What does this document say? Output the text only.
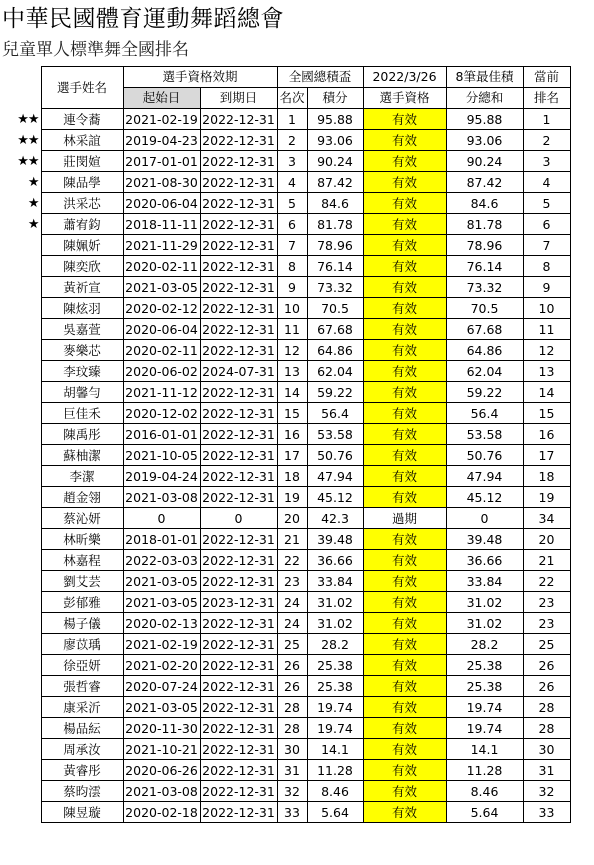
中華民國體育運動舞蹈總會
兒童單人標準舞全國排名
	選手姓名	選手資格效期		全國總積盃		2022/3/26	8筆最佳積	當前
		起始日	到期日	名次	積分	選手資格	分總和	排名
★★	連令蕎	2021-02-19	2022-12-31	1	95.88	有效	95.88	1
★★	林采誼	2019-04-23	2022-12-31	2	93.06	有效	93.06	2
★★	莊閔媗	2017-01-01	2022-12-31	3	90.24	有效	90.24	3
★	陳品學	2021-08-30	2022-12-31	4	87.42	有效	87.42	4
★	洪采芯	2020-06-04	2022-12-31	5	84.6	有效	84.6	5
★	蕭宥鈞	2018-11-11	2022-12-31	6	81.78	有效	81.78	6
	陳姵妡	2021-11-29	2022-12-31	7	78.96	有效	78.96	7
	陳奕欣	2020-02-11	2022-12-31	8	76.14	有效	76.14	8
	黃祈宣	2021-03-05	2022-12-31	9	73.32	有效	73.32	9
	陳炫羽	2020-02-12	2022-12-31	10	70.5	有效	70.5	10
	吳嘉萱	2020-06-04	2022-12-31	11	67.68	有效	67.68	11
	麥樂芯	2020-02-11	2022-12-31	12	64.86	有效	64.86	12
	李玟臻	2020-06-02	2024-07-31	13	62.04	有效	62.04	13
	胡馨勻	2021-11-12	2022-12-31	14	59.22	有效	59.22	14
	巨佳禾	2020-12-02	2022-12-31	15	56.4	有效	56.4	15
	陳禹彤	2016-01-01	2022-12-31	16	53.58	有效	53.58	16
	蘇柚潔	2021-10-05	2022-12-31	17	50.76	有效	50.76	17
	李潔	2019-04-24	2022-12-31	18	47.94	有效	47.94	18
	趙金翎	2021-03-08	2022-12-31	19	45.12	有效	45.12	19
	蔡沁妍	0	0	20	42.3	過期	0	34
	林昕樂	2018-01-01	2022-12-31	21	39.48	有效	39.48	20
	林嘉程	2022-03-03	2022-12-31	22	36.66	有效	36.66	21
	劉艾芸	2021-03-05	2022-12-31	23	33.84	有效	33.84	22
	彭郁雅	2021-03-05	2023-12-31	24	31.02	有效	31.02	23
	楊子儀	2020-02-13	2022-12-31	24	31.02	有效	31.02	23
	廖苡瑀	2021-02-19	2022-12-31	25	28.2	有效	28.2	25
	徐亞妍	2021-02-20	2022-12-31	26	25.38	有效	25.38	26
	張哲睿	2020-07-24	2022-12-31	26	25.38	有效	25.38	26
	康采沂	2021-03-05	2022-12-31	28	19.74	有效	19.74	28
	楊品紜	2020-11-30	2022-12-31	28	19.74	有效	19.74	28
	周承汝	2021-10-21	2022-12-31	30	14.1	有效	14.1	30
	黃睿彤	2020-06-26	2022-12-31	31	11.28	有效	11.28	31
	蔡昀澐	2021-03-08	2022-12-31	32	8.46	有效	8.46	32
	陳昱璇	2020-02-18	2022-12-31	33	5.64	有效	5.64	33
